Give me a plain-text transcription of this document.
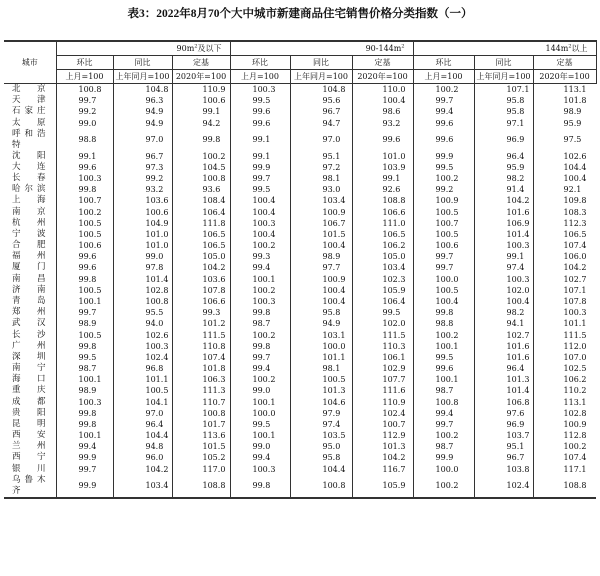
表3：2022年8月70个大中城市新建商品住宅销售价格分类指数（一）
城市	$90m^2$及以下			$90-144m^2$			$144m^2$以上		
	环比	同比	定基	环比	同比	定基	环比	同比	定基
	上月=100	上年同月=100	2020年=100	上月=100	上年同月=100	2020年=100	上月=100	上年同月=100	2020年=100
北京	100.8	104.8	110.9	100.3	104.8	110.0	100.2	107.1	113.1
天津	99.7	96.3	100.6	99.5	95.6	100.4	99.7	95.8	101.8
石家庄	99.2	94.9	99.1	99.6	96.7	98.6	99.4	95.8	98.9
太原	99.0	94.9	94.2	99.6	94.7	93.2	99.6	97.1	95.9
呼和浩特	98.8	97.0	99.8	99.1	97.0	99.6	99.6	96.9	97.5
沈阳	99.1	96.7	100.2	99.1	95.1	101.0	99.9	96.4	102.6
大连	99.6	97.3	104.5	99.9	97.2	103.9	99.5	95.9	104.4
长春	100.3	99.2	100.8	99.7	98.1	99.1	100.2	98.2	100.4
哈尔滨	99.8	93.2	93.6	99.5	93.0	92.6	99.2	91.4	92.1
上海	100.7	103.6	108.4	100.4	103.4	108.8	100.9	104.2	109.8
南京	100.2	100.6	106.4	100.4	100.9	106.6	100.5	101.6	108.3
杭州	100.5	104.9	111.8	100.3	106.7	111.0	100.7	106.9	112.3
宁波	100.5	101.0	106.5	100.4	101.5	106.5	100.5	101.4	106.5
合肥	100.6	101.0	106.5	100.2	100.4	106.2	100.6	100.3	107.4
福州	99.6	99.0	105.0	99.3	98.9	105.0	99.7	99.1	106.0
厦门	99.6	97.8	104.2	99.4	97.7	103.4	99.7	97.4	104.2
南昌	99.8	101.4	103.6	100.1	100.9	102.3	100.0	100.3	102.7
济南	100.5	102.8	107.8	100.2	100.4	105.9	100.5	102.0	107.1
青岛	100.1	100.8	106.6	100.3	100.4	106.4	100.4	100.4	107.8
郑州	99.7	95.5	99.3	99.8	95.8	99.5	99.8	98.2	100.3
武汉	98.9	94.0	101.2	98.7	94.9	102.0	98.8	94.1	101.1
长沙	100.5	102.6	111.5	100.2	103.1	111.5	100.2	102.7	111.5
广州	99.8	100.3	110.8	99.8	100.0	110.3	100.1	101.6	112.0
深圳	99.5	102.4	107.4	99.7	101.1	106.1	99.5	101.6	107.0
南宁	98.7	96.8	101.8	99.4	98.1	102.9	99.6	96.4	102.5
海口	100.1	101.1	106.3	100.2	100.5	107.7	100.1	101.3	106.2
重庆	98.9	100.5	111.3	99.0	101.3	111.6	98.7	101.4	110.2
成都	100.3	104.1	110.7	100.1	104.6	110.9	100.8	106.8	113.1
贵阳	99.8	97.0	100.8	100.0	97.9	102.4	99.4	97.6	102.8
昆明	99.8	96.4	101.7	99.5	97.4	100.7	99.7	96.9	100.9
西安	100.1	104.4	113.6	100.1	103.5	112.9	100.2	103.7	112.8
兰州	99.4	94.8	101.5	99.0	95.0	101.3	98.7	95.1	100.2
西宁	99.9	96.0	105.2	99.4	95.8	104.2	99.9	96.7	107.4
银川	99.7	104.2	117.0	100.3	104.4	116.7	100.0	103.8	117.1
乌鲁木齐	99.9	103.4	108.8	99.8	100.8	105.9	100.2	102.4	108.8
